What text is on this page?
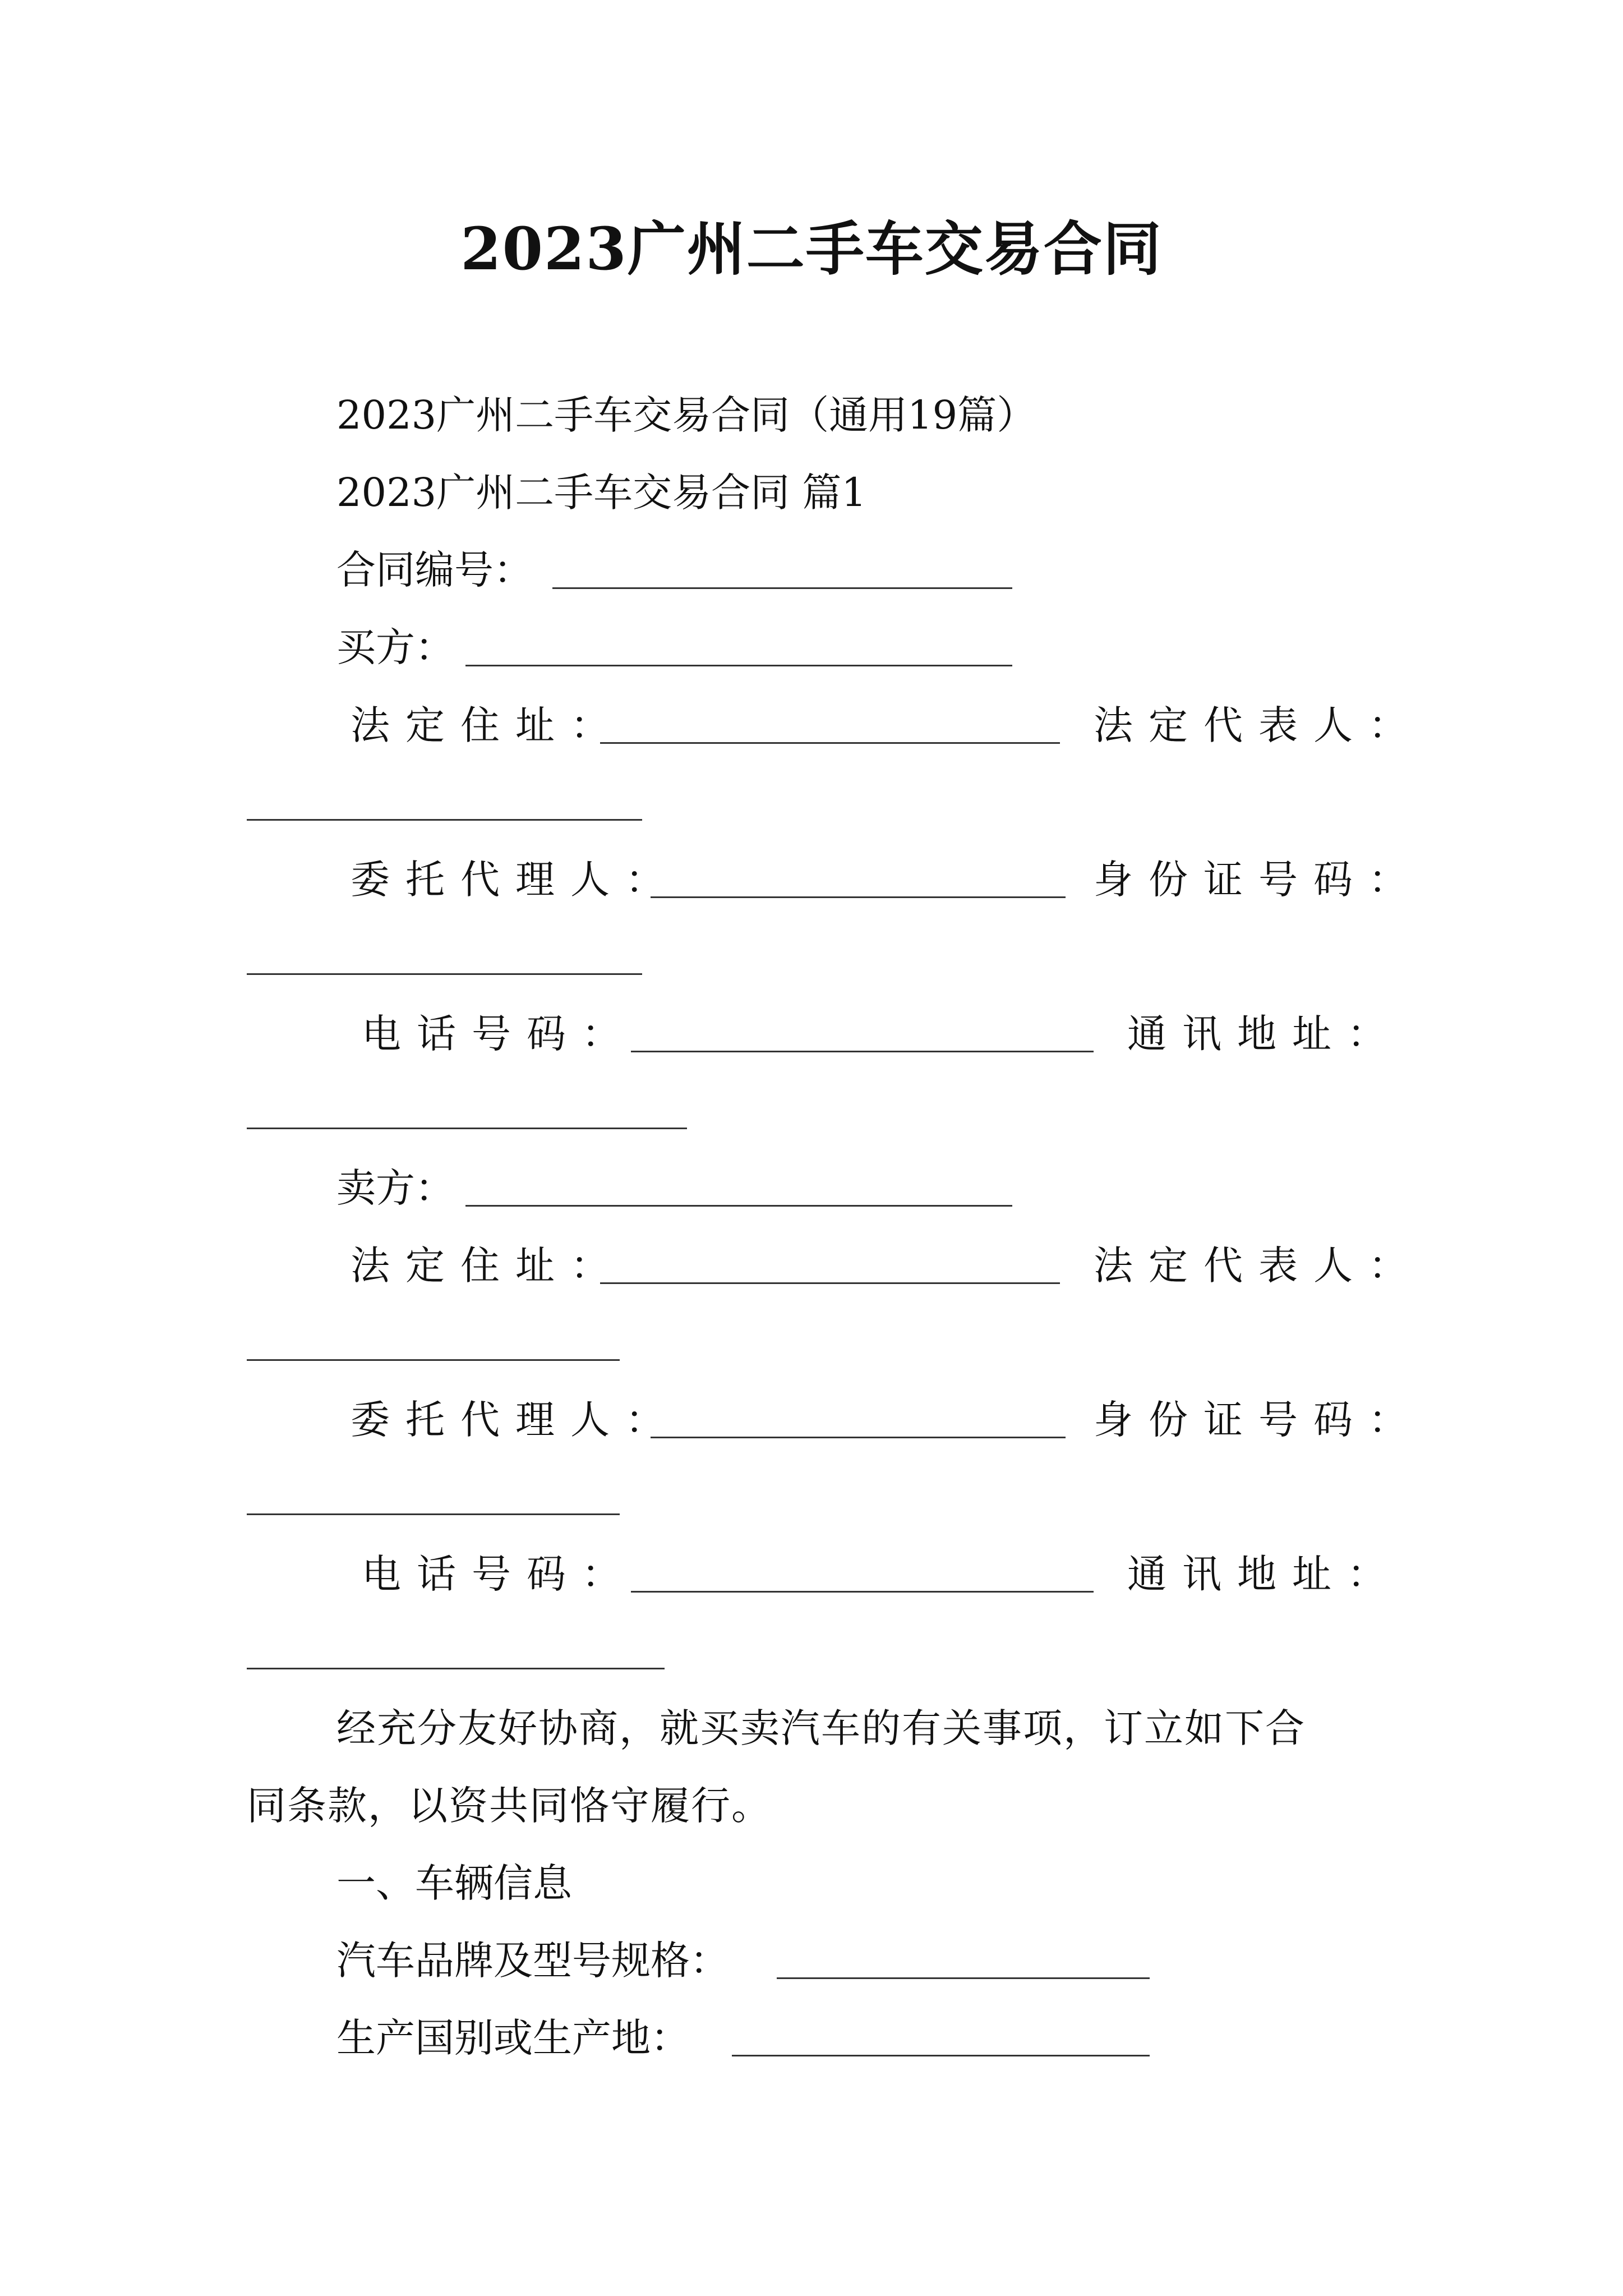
2023广州二手车交易合同
2023广州二手车交易合同（通用19篇）
2023广州二手车交易合同 篇1
合同编号：
买方：
法定住址：	法定代表人：
委托代理人：	身份证号码：
电话号码：	通讯地址：
卖方：
法定住址：	法定代表人：
委托代理人：	身份证号码：
电话号码：	通讯地址：
经充分友好协商，就买卖汽车的有关事项，订立如下合
同条款，以资共同恪守履行。
一、车辆信息
汽车品牌及型号规格：
生产国别或生产地：
